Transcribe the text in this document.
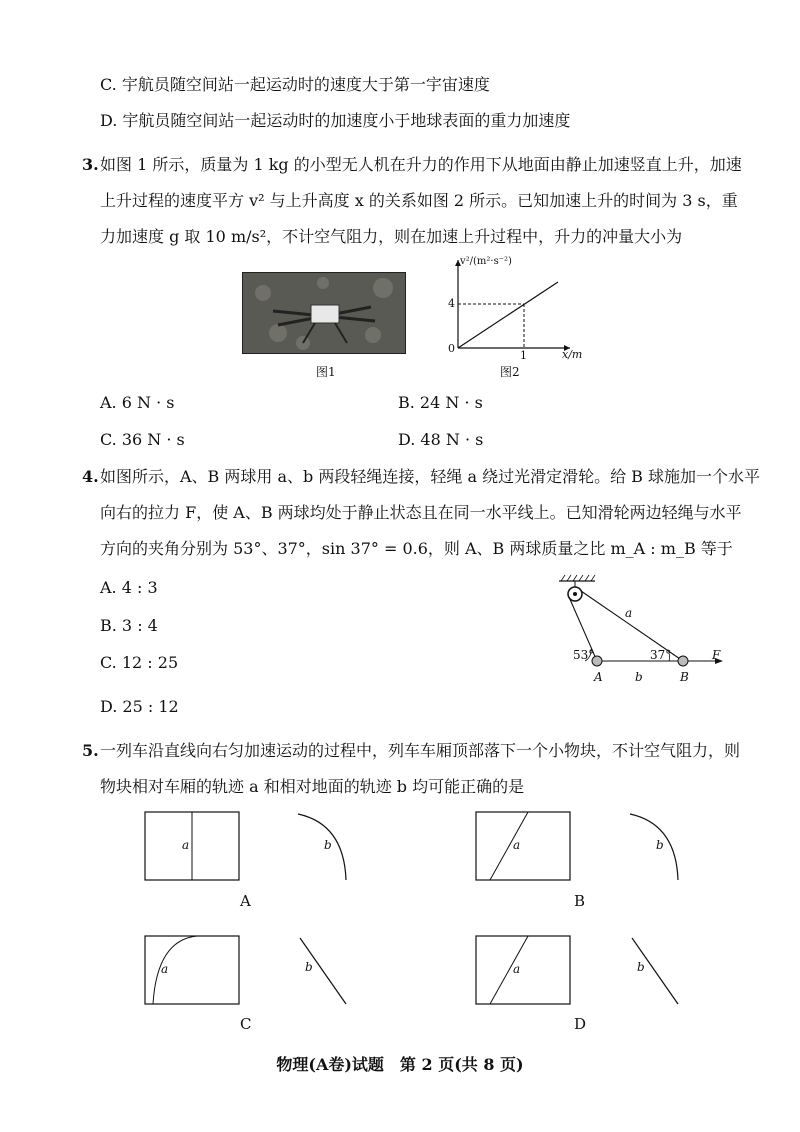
C. 宇航员随空间站一起运动时的速度大于第一宇宙速度
D. 宇航员随空间站一起运动时的加速度小于地球表面的重力加速度
3. 如图 1 所示，质量为 1 kg 的小型无人机在升力的作用下从地面由静止加速竖直上升，加速
上升过程的速度平方 v² 与上升高度 x 的关系如图 2 所示。已知加速上升的时间为 3 s，重
力加速度 g 取 10 m/s²，不计空气阻力，则在加速上升过程中，升力的冲量大小为
图1
v²/(m²·s⁻²)
4
1
0	x/m
图2
A. 6 N · s	B. 24 N · s
C. 36 N · s	D. 48 N · s
4. 如图所示，A、B 两球用 a、b 两段轻绳连接，轻绳 a 绕过光滑定滑轮。给 B 球施加一个水平
向右的拉力 F，使 A、B 两球均处于静止状态且在同一水平线上。已知滑轮两边轻绳与水平
方向的夹角分别为 53°、37°，sin 37° = 0.6，则 A、B 两球质量之比 m_A : m_B 等于
A. 4 : 3
B. 3 : 4
C. 12 : 25
D. 25 : 12
53°	37°
a
b
A	B
F
5. 一列车沿直线向右匀加速运动的过程中，列车车厢顶部落下一个小物块，不计空气阻力，则
物块相对车厢的轨迹 a 和相对地面的轨迹 b 均可能正确的是
a	b	a	b
a	b	a	b
A	B
C	D
物理(A卷)试题　第 2 页(共 8 页)
